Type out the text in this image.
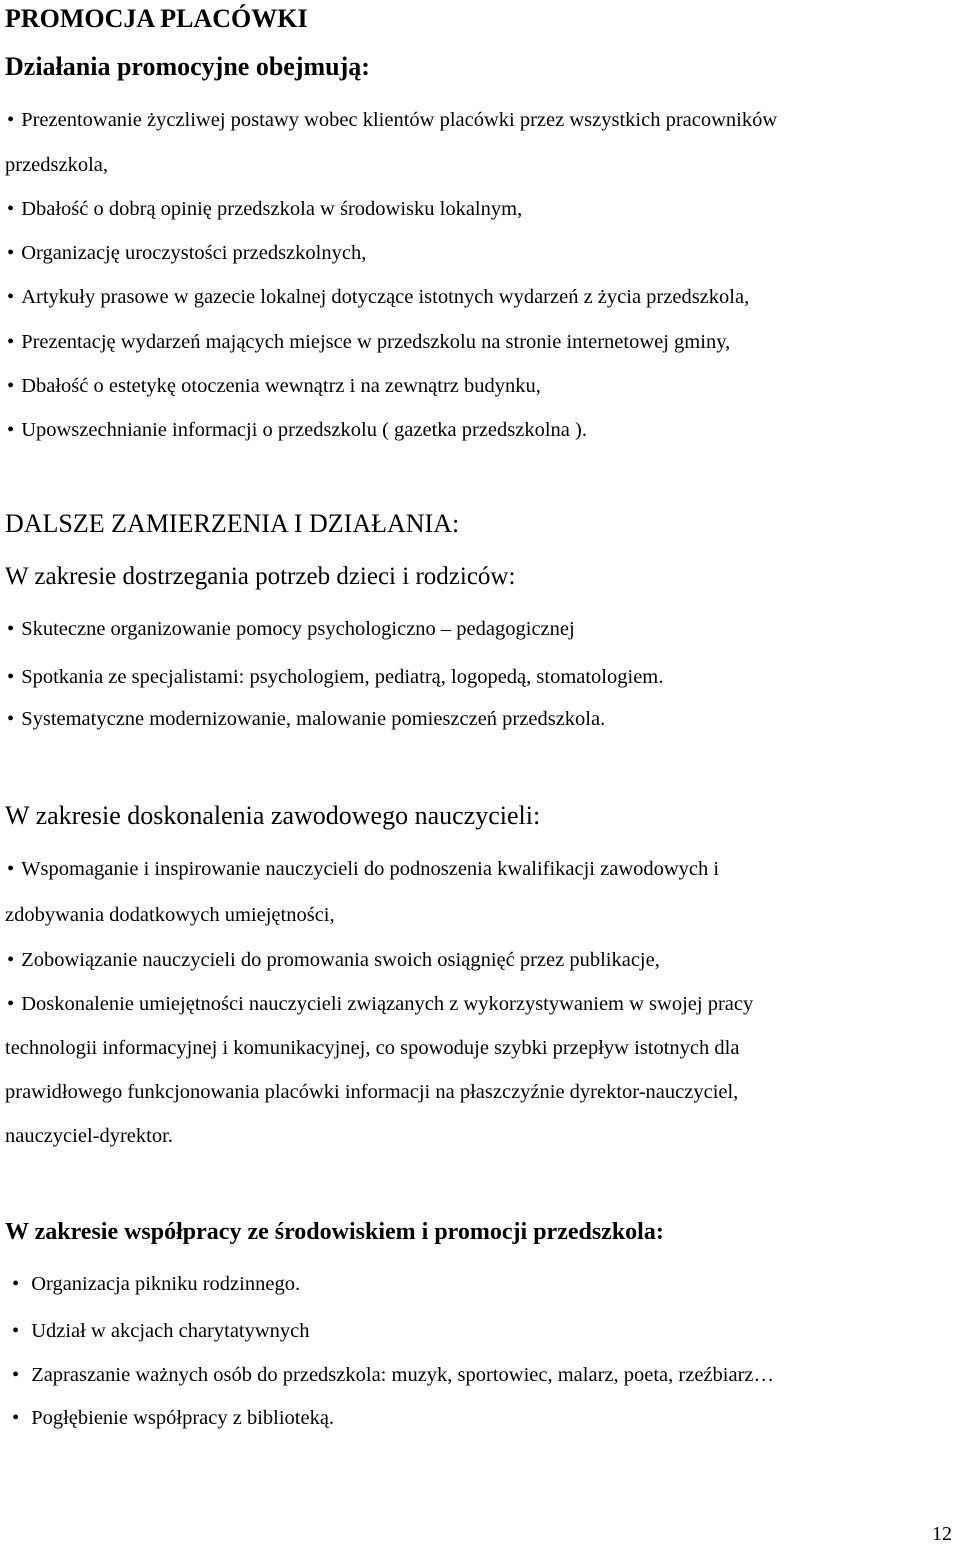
PROMOCJA PLACÓWKI
Działania promocyjne obejmują:
• Prezentowanie życzliwej postawy wobec klientów placówki przez wszystkich pracowników
przedszkola,
• Dbałość o dobrą opinię przedszkola w środowisku lokalnym,
• Organizację uroczystości przedszkolnych,
• Artykuły prasowe w gazecie lokalnej dotyczące istotnych wydarzeń z życia przedszkola,
• Prezentację wydarzeń mających miejsce w przedszkolu na stronie internetowej gminy,
• Dbałość o estetykę otoczenia wewnątrz i na zewnątrz budynku,
• Upowszechnianie informacji o przedszkolu ( gazetka przedszkolna ).
DALSZE ZAMIERZENIA I DZIAŁANIA:
W zakresie dostrzegania potrzeb dzieci i rodziców:
• Skuteczne organizowanie pomocy psychologiczno – pedagogicznej
• Spotkania ze specjalistami: psychologiem, pediatrą, logopedą, stomatologiem.
• Systematyczne modernizowanie, malowanie pomieszczeń przedszkola.
W zakresie doskonalenia zawodowego nauczycieli:
• Wspomaganie i inspirowanie nauczycieli do podnoszenia kwalifikacji zawodowych i
zdobywania dodatkowych umiejętności,
• Zobowiązanie nauczycieli do promowania swoich osiągnięć przez publikacje,
• Doskonalenie umiejętności nauczycieli związanych z wykorzystywaniem w swojej pracy
technologii informacyjnej i komunikacyjnej, co spowoduje szybki przepływ istotnych dla
prawidłowego funkcjonowania placówki informacji na płaszczyźnie dyrektor-nauczyciel,
nauczyciel-dyrektor.
W zakresie współpracy ze środowiskiem i promocji przedszkola:
• Organizacja pikniku rodzinnego.
• Udział w akcjach charytatywnych
• Zapraszanie ważnych osób do przedszkola: muzyk, sportowiec, malarz, poeta, rzeźbiarz…
• Pogłębienie współpracy z biblioteką.
12
